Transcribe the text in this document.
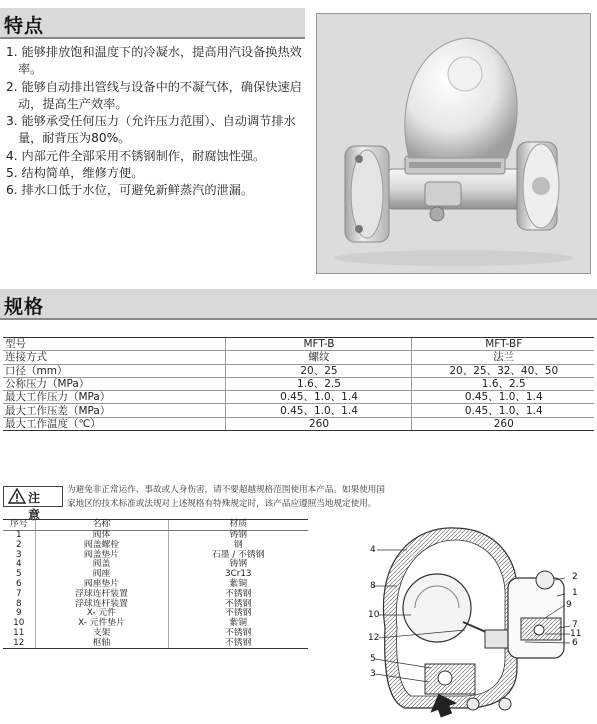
特点
1. 能够排放饱和温度下的冷凝水，提高用汽设备换热效率。
2. 能够自动排出管线与设备中的不凝气体，确保快速启动，提高生产效率。
3. 能够承受任何压力（允许压力范围）、自动调节排水量，耐背压为80%。
4. 内部元件全部采用不锈钢制作，耐腐蚀性强。
5. 结构简单，维修方便。
6. 排水口低于水位，可避免新鲜蒸汽的泄漏。
规格
型号	MFT-B	MFT-BF
连接方式	螺纹	法兰
口径（mm）	20、25	20、25、32、40、50
公称压力（MPa）	1.6、2.5	1.6、2.5
最大工作压力（MPa）	0.45、1.0、1.4	0.45、1.0、1.4
最大工作压差（MPa）	0.45、1.0、1.4	0.45、1.0、1.4
最大工作温度（℃）	260	260
注 意
为避免非正常运作、事故或人身伤害，请不要超越规格范围使用本产品。如果使用国家地区的技术标准或法规对上述规格有特殊规定时，该产品应遵照当地规定使用。
序号	名称	材质
1	阀体	铸钢
2	阀盖螺栓	钢
3	阀盖垫片	石墨 / 不锈钢
4	阀盖	铸钢
5	阀座	3Cr13
6	阀座垫片	紫铜
7	浮球连杆装置	不锈钢
8	浮球连杆装置	不锈钢
9	X- 元件	不锈钢
10	X- 元件垫片	紫铜
11	支架	不锈钢
12	枢轴	不锈钢
4
8
10
12
5
3
2
1
9
7
11
6
